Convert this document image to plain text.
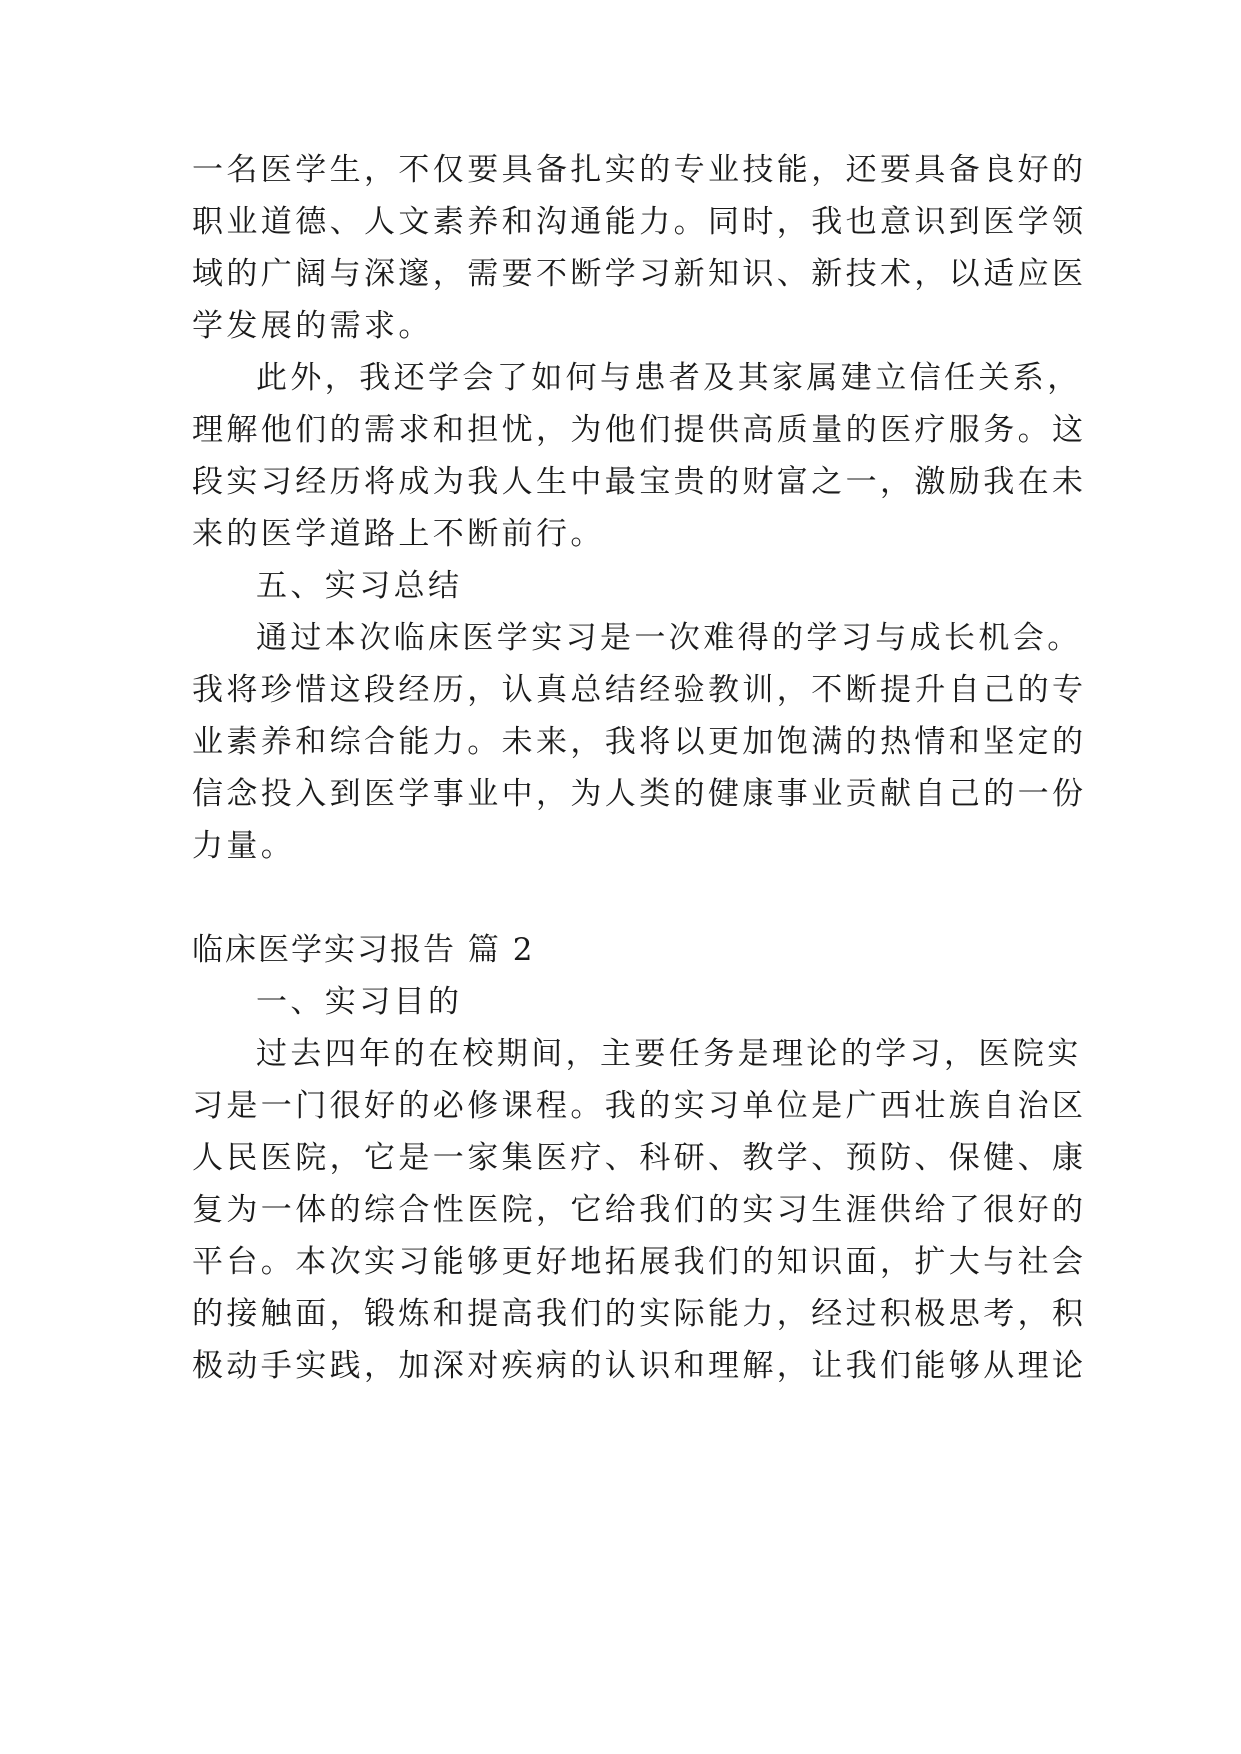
一名医学生，不仅要具备扎实的专业技能，还要具备良好的
职业道德、人文素养和沟通能力。同时，我也意识到医学领
域的广阔与深邃，需要不断学习新知识、新技术，以适应医
学发展的需求。
此外，我还学会了如何与患者及其家属建立信任关系，
理解他们的需求和担忧，为他们提供高质量的医疗服务。这
段实习经历将成为我人生中最宝贵的财富之一，激励我在未
来的医学道路上不断前行。
五、实习总结
通过本次临床医学实习是一次难得的学习与成长机会。
我将珍惜这段经历，认真总结经验教训，不断提升自己的专
业素养和综合能力。未来，我将以更加饱满的热情和坚定的
信念投入到医学事业中，为人类的健康事业贡献自己的一份
力量。
临床医学实习报告 篇 2
一、实习目的
过去四年的在校期间，主要任务是理论的学习，医院实
习是一门很好的必修课程。我的实习单位是广西壮族自治区
人民医院，它是一家集医疗、科研、教学、预防、保健、康
复为一体的综合性医院，它给我们的实习生涯供给了很好的
平台。本次实习能够更好地拓展我们的知识面，扩大与社会
的接触面，锻炼和提高我们的实际能力，经过积极思考，积
极动手实践，加深对疾病的认识和理解，让我们能够从理论
